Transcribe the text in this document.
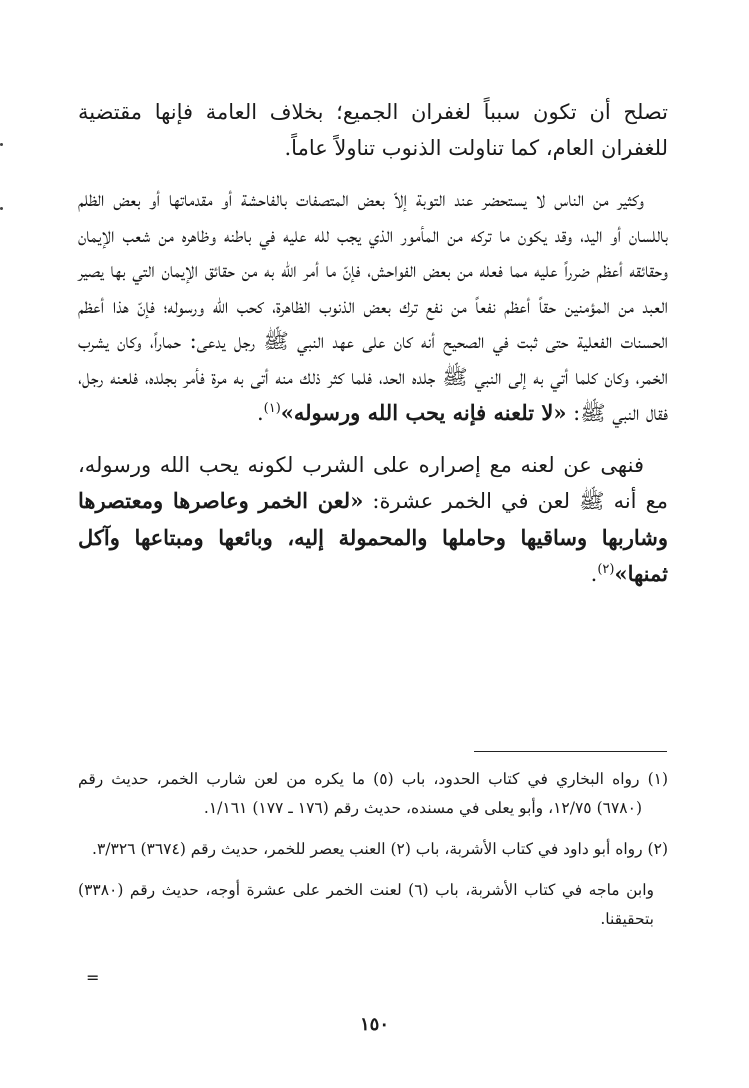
تصلح أن تكون سبباً لغفران الجميع؛ بخلاف العامة فإنها مقتضية للغفران العام، كما تناولت الذنوب تناولاً عاماً.

وكثير من الناس لا يستحضر عند التوبة إلاّ بعض المتصفات بالفاحشة أو مقدماتها أو بعض الظلم باللسان أو اليد، وقد يكون ما تركه من المأمور الذي يجب لله عليه في باطنه وظاهره من شعب الإيمان وحقائقه أعظم ضرراً عليه مما فعله من بعض الفواحش، فإنّ ما أمر الله به من حقائق الإيمان التي بها يصير العبد من المؤمنين حقاً أعظم نفعاً من نفع ترك بعض الذنوب الظاهرة، كحب الله ورسوله؛ فإنّ هذا أعظم الحسنات الفعلية حتى ثبت في الصحيح أنه كان على عهد النبي ﷺ رجل يدعى: حماراً، وكان يشرب الخمر، وكان كلما أتي به إلى النبي ﷺ جلده الحد، فلما كثر ذلك منه أتى به مرة فأمر بجلده، فلعنه رجل، فقال النبي ﷺ: «لا تلعنه فإنه يحب الله ورسوله»$^{(١)}$.

فنهى عن لعنه مع إصراره على الشرب لكونه يحب الله ورسوله، مع أنه ﷺ لعن في الخمر عشرة: «لعن الخمر وعاصرها ومعتصرها وشاربها وساقيها وحاملها والمحمولة إليه، وبائعها ومبتاعها وآكل ثمنها»$^{(٢)}$.

(١) رواه البخاري في كتاب الحدود، باب (٥) ما يكره من لعن شارب الخمر، حديث رقم (٦٧٨٠) ١٢/٧٥، وأبو يعلى في مسنده، حديث رقم (١٧٦ ـ ١٧٧) ١/١٦١.

(٢) رواه أبو داود في كتاب الأشربة، باب (٢) العنب يعصر للخمر، حديث رقم (٣٦٧٤) ٣/٣٢٦.

وابن ماجه في كتاب الأشربة، باب (٦) لعنت الخمر على عشرة أوجه، حديث رقم (٣٣٨٠) بتحقيقنا.

=
١٥٠
